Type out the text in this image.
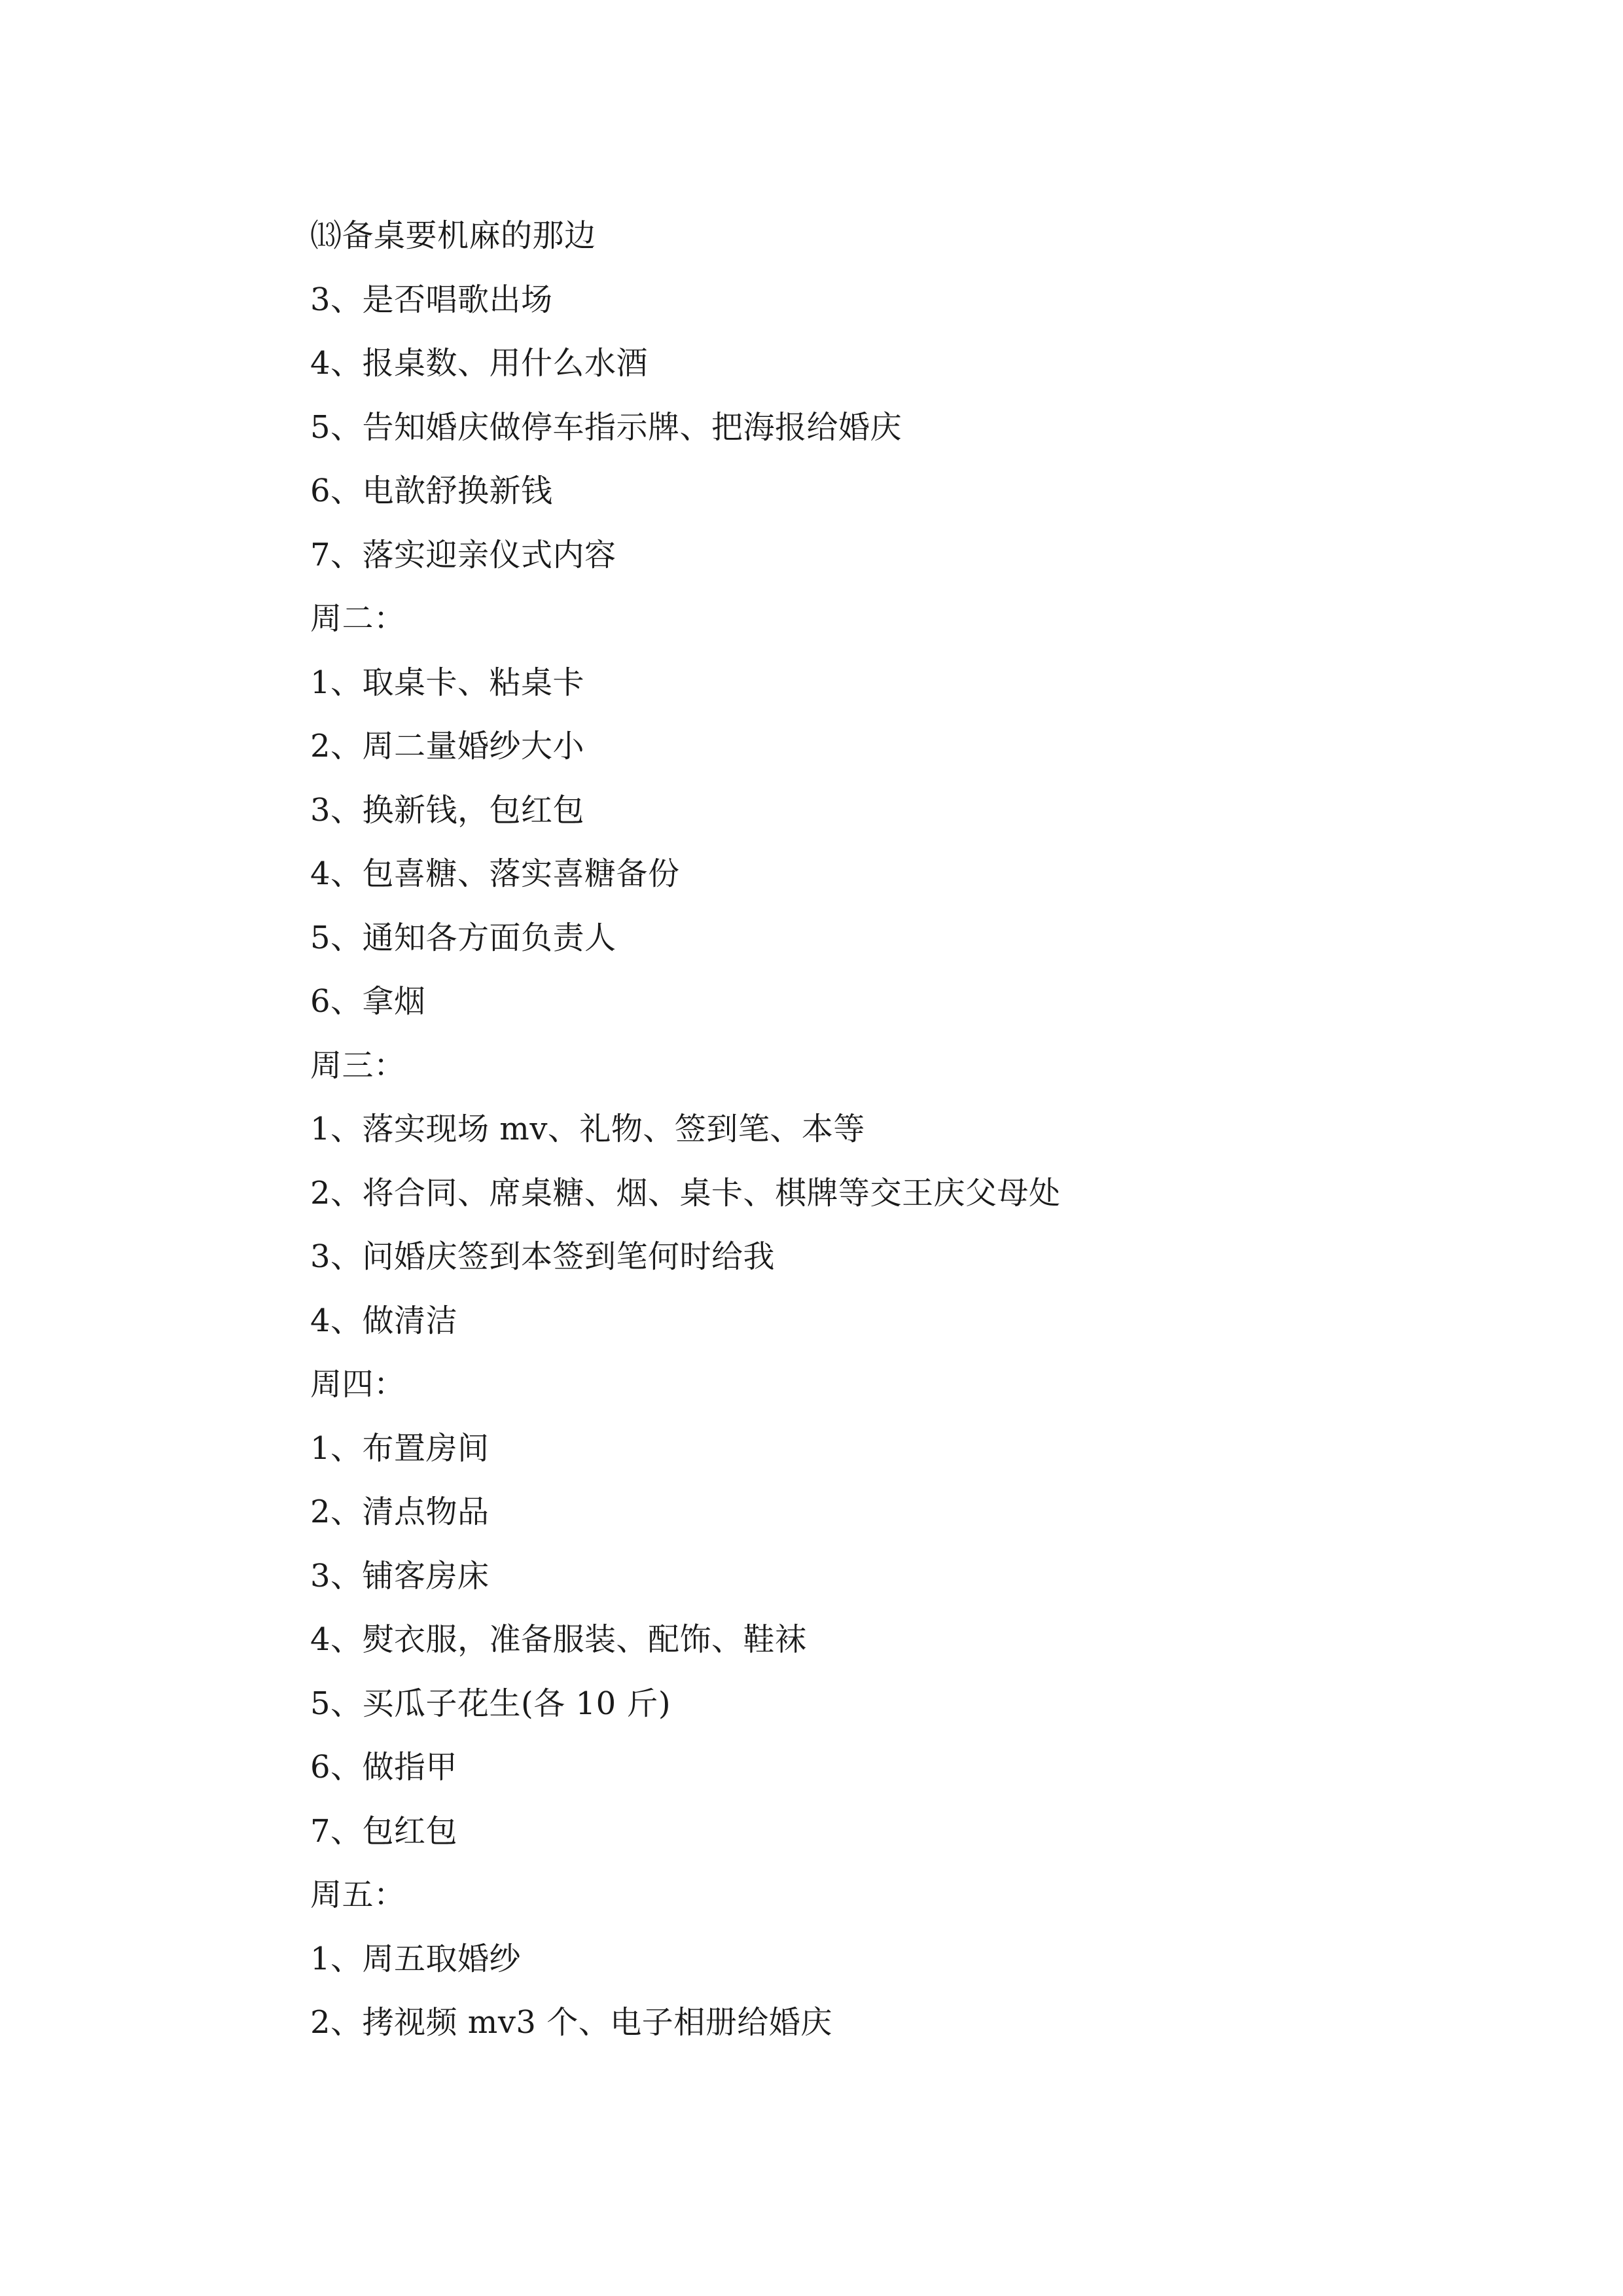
⒀备桌要机麻的那边
3、是否唱歌出场
4、报桌数、用什么水酒
5、告知婚庆做停车指示牌、把海报给婚庆
6、电歆舒换新钱
7、落实迎亲仪式内容
周二：
1、取桌卡、粘桌卡
2、周二量婚纱大小
3、换新钱，包红包
4、包喜糖、落实喜糖备份
5、通知各方面负责人
6、拿烟
周三：
1、落实现场 mv、礼物、签到笔、本等
2、将合同、席桌糖、烟、桌卡、棋牌等交王庆父母处
3、问婚庆签到本签到笔何时给我
4、做清洁
周四：
1、布置房间
2、清点物品
3、铺客房床
4、熨衣服，准备服装、配饰、鞋袜
5、买瓜子花生(各 10 斤)
6、做指甲
7、包红包
周五：
1、周五取婚纱
2、拷视频 mv3 个、电子相册给婚庆
